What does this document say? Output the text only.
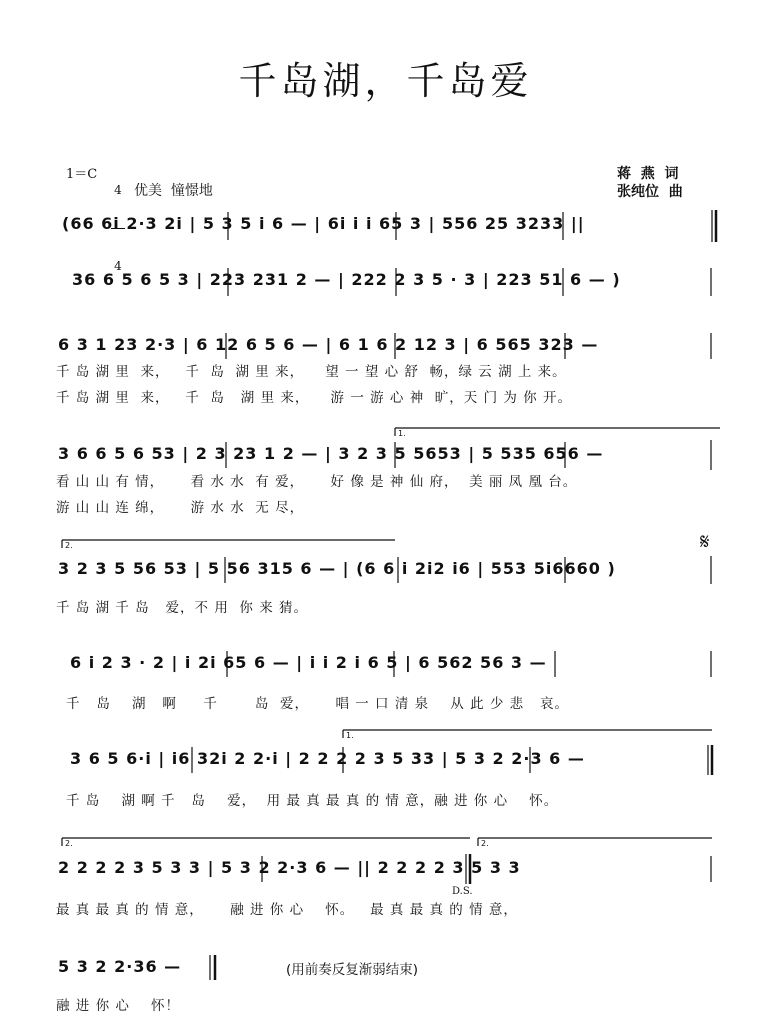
千岛湖，千岛爱
1＝C

4

4

优美  憧憬地
蒋  燕  词
张纯位  曲
(66 6i 2·3 2i | 5 3 5 i 6 — | 6i i i 65 3 | 556 25 3233 ||
36 6 5 6 5 3 | 223 231 2 — | 222 2 3 5 · 3 | 223 51 6 — )
6 3 1 23 2·3 | 6 12 6 5 6 — | 6 1 6 2 12 3 | 6 565 323 —
千 岛 湖 里  来，   千  岛  湖 里 来，    望 一 望 心 舒  畅，绿 云 湖 上 来。
千 岛 湖 里  来，   千  岛   湖 里 来，    游 一 游 心 神  旷，天 门 为 你 开。
3 6 6 5 6 53 | 2 3 23 1 2 — | 3 2 3 5 5653 | 5 535 656 —
看 山 山 有 情，     看 水 水  有 爱，     好 像 是 神 仙 府，  美 丽 凤 凰 台。
游 山 山 连 绵，     游 水 水  无 尽，
3 2 3 5 56 53 | 5 56 315 6 — | (6 6 i 2i2 i6 | 553 5i6660 )
千 岛 湖 千 岛   爱，不 用  你 来 猜。
6 i 2 3 · 2 | i 2i 65 6 — | i i 2 i 6 5 | 6 562 56 3 —
千   岛    湖   啊     千       岛  爱，     唱 一 口 清 泉    从 此 少 悲   哀。
3 6 5 6·i | i6 32i 2 2·i | 2 2 2 2 3 5 33 | 5 3 2 2·3 6 —
千 岛    湖 啊 千   岛    爱，  用 最 真 最 真 的 情 意，融 进 你 心    怀。
2 2 2 2 3 5 3 3 | 5 3 2 2·3 6 — || 2 2 2 2 3 5 3 3
最 真 最 真 的 情 意，     融 进 你 心    怀。   最 真 最 真 的 情 意，
5 3 2 2·36 —
融 进 你 心    怀！
(用前奏反复渐弱结束)
D.S.
𝄋
1.
2.
1.
2.	2.
